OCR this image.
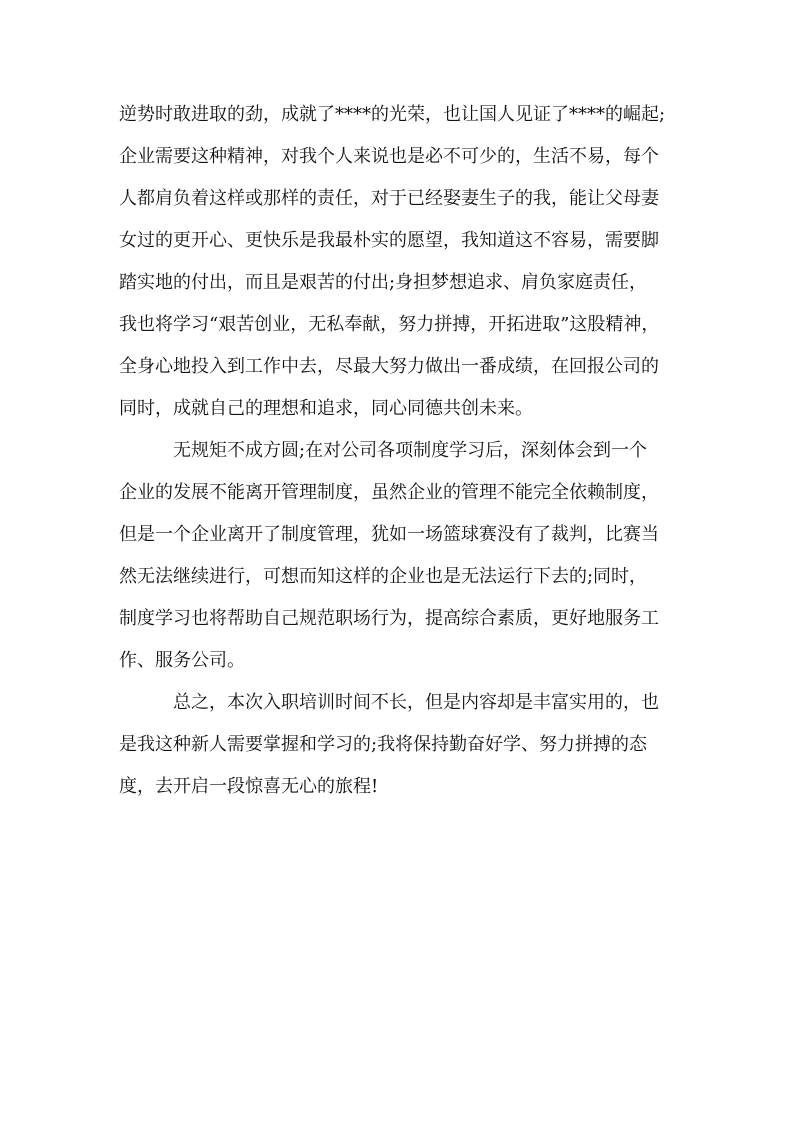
逆势时敢进取的劲，成就了****的光荣，也让国人见证了****的崛起;
企业需要这种精神，对我个人来说也是必不可少的，生活不易，每个
人都肩负着这样或那样的责任，对于已经娶妻生子的我，能让父母妻
女过的更开心、更快乐是我最朴实的愿望，我知道这不容易，需要脚
踏实地的付出，而且是艰苦的付出;身担梦想追求、肩负家庭责任，
我也将学习“艰苦创业，无私奉献，努力拼搏，开拓进取”这股精神，
全身心地投入到工作中去，尽最大努力做出一番成绩，在回报公司的
同时，成就自己的理想和追求，同心同德共创未来。
无规矩不成方圆;在对公司各项制度学习后，深刻体会到一个
企业的发展不能离开管理制度，虽然企业的管理不能完全依赖制度，
但是一个企业离开了制度管理，犹如一场篮球赛没有了裁判，比赛当
然无法继续进行，可想而知这样的企业也是无法运行下去的;同时，
制度学习也将帮助自己规范职场行为，提高综合素质，更好地服务工
作、服务公司。
总之，本次入职培训时间不长，但是内容却是丰富实用的，也
是我这种新人需要掌握和学习的;我将保持勤奋好学、努力拼搏的态
度，去开启一段惊喜无心的旅程!
